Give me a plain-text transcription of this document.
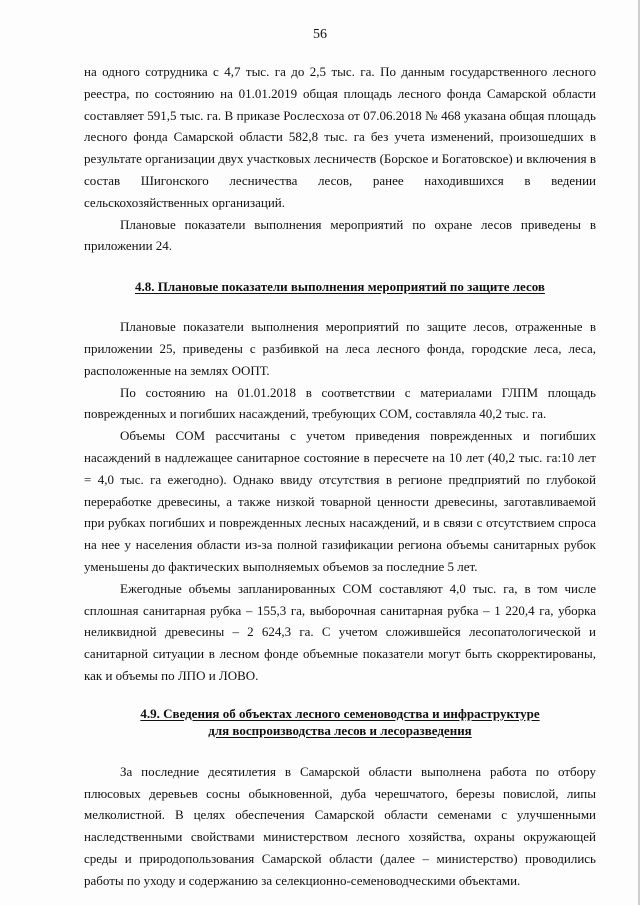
56

на одного сотрудника с 4,7 тыс. га до 2,5 тыс. га. По данным государственного лесного реестра, по состоянию на 01.01.2019 общая площадь лесного фонда Самарской области составляет 591,5 тыс. га. В приказе Рослесхоза от 07.06.2018 № 468 указана общая площадь лесного фонда Самарской области 582,8 тыс. га без учета изменений, произошедших в результате организации двух участковых лесничеств (Борское и Богатовское) и включения в состав Шигонского лесничества лесов, ранее находившихся в ведении сельскохозяйственных организаций.

Плановые показатели выполнения мероприятий по охране лесов приведены в приложении 24.

4.8. Плановые показатели выполнения мероприятий по защите лесов

Плановые показатели выполнения мероприятий по защите лесов, отраженные в приложении 25, приведены с разбивкой на леса лесного фонда, городские леса, леса, расположенные на землях ООПТ.

По состоянию на 01.01.2018 в соответствии с материалами ГЛПМ площадь поврежденных и погибших насаждений, требующих СОМ, составляла 40,2 тыс. га.

Объемы СОМ рассчитаны с учетом приведения поврежденных и погибших насаждений в надлежащее санитарное состояние в пересчете на 10 лет (40,2 тыс. га:10 лет = 4,0 тыс. га ежегодно). Однако ввиду отсутствия в регионе предприятий по глубокой переработке древесины, а также низкой товарной ценности древесины, заготавливаемой при рубках погибших и поврежденных лесных насаждений, и в связи с отсутствием спроса на нее у населения области из-за полной газификации региона объемы санитарных рубок уменьшены до фактических выполняемых объемов за последние 5 лет.

Ежегодные объемы запланированных СОМ составляют 4,0 тыс. га, в том числе сплошная санитарная рубка – 155,3 га, выборочная санитарная рубка – 1 220,4 га, уборка неликвидной древесины – 2 624,3 га. С учетом сложившейся лесопатологической и санитарной ситуации в лесном фонде объемные показатели могут быть скорректированы, как и объемы по ЛПО и ЛОВО.

4.9. Сведения об объектах лесного семеноводства и инфраструктуре
для воспроизводства лесов и лесоразведения

За последние десятилетия в Самарской области выполнена работа по отбору плюсовых деревьев сосны обыкновенной, дуба черешчатого, березы повислой, липы мелколистной. В целях обеспечения Самарской области семенами с улучшенными наследственными свойствами министерством лесного хозяйства, охраны окружающей среды и природопользования Самарской области (далее – министерство) проводились работы по уходу и содержанию за селекционно-семеноводческими объектами.
